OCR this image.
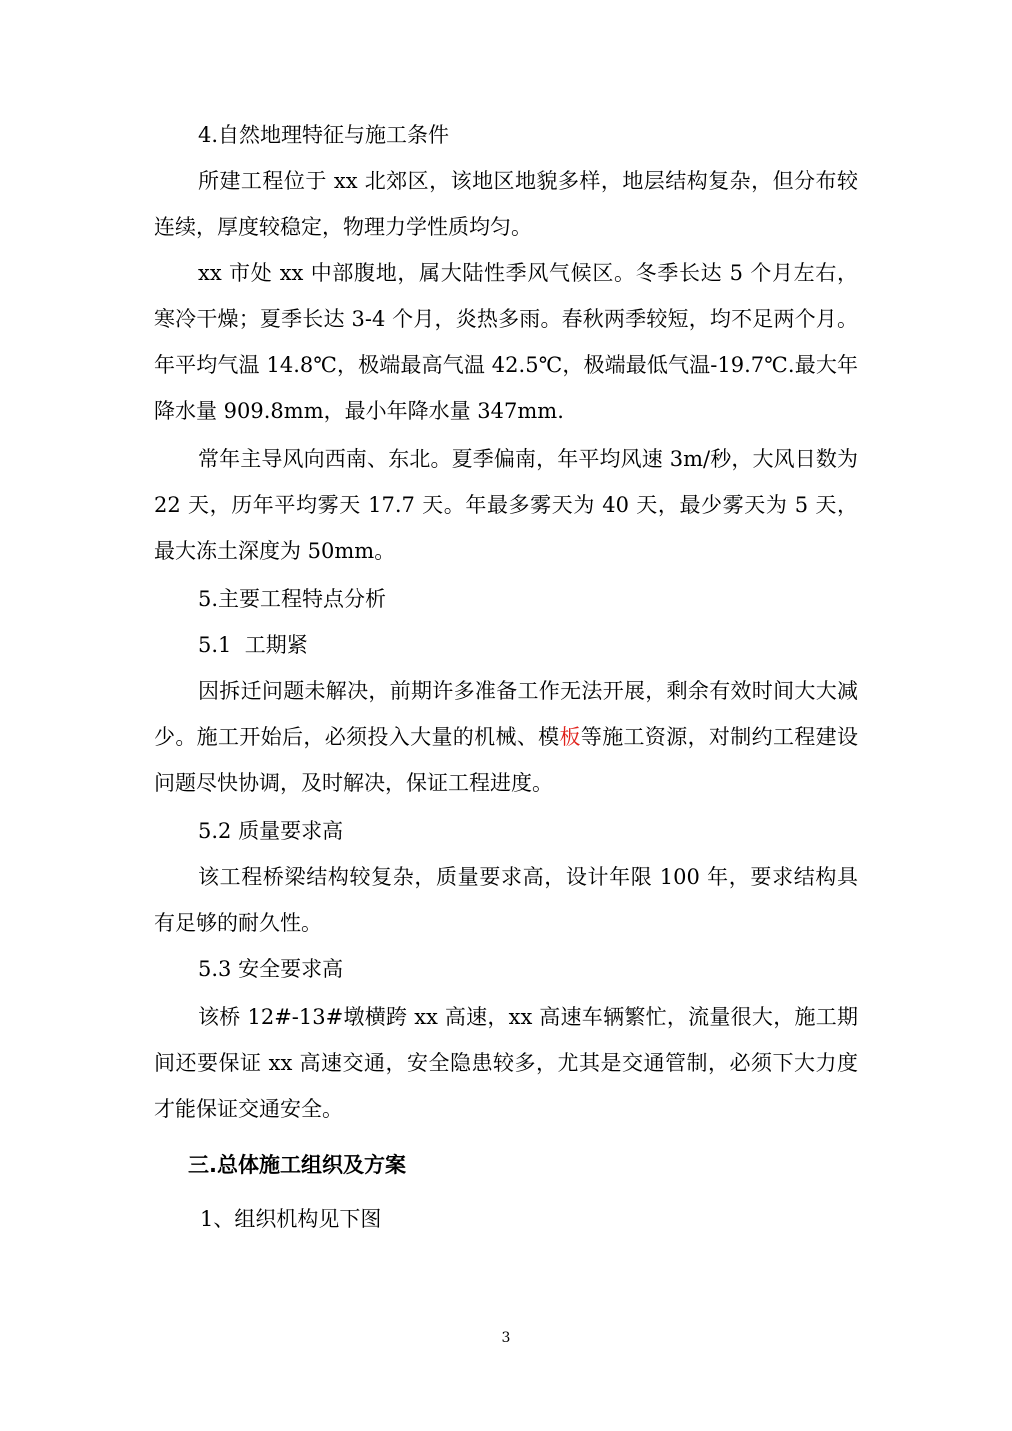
4.自然地理特征与施工条件

所建工程位于 xx 北郊区，该地区地貌多样，地层结构复杂，但分布较连续，厚度较稳定，物理力学性质均匀。

xx 市处 xx 中部腹地，属大陆性季风气候区。冬季长达 5 个月左右，寒冷干燥；夏季长达 3-4 个月，炎热多雨。春秋两季较短，均不足两个月。年平均气温 14.8℃，极端最高气温 42.5℃，极端最低气温-19.7℃.最大年降水量 909.8mm，最小年降水量 347mm.

常年主导风向西南、东北。夏季偏南，年平均风速 3m/秒，大风日数为 22 天，历年平均雾天 17.7 天。年最多雾天为 40 天，最少雾天为 5 天，最大冻土深度为 50mm。

5.主要工程特点分析

5.1  工期紧

因拆迁问题未解决，前期许多准备工作无法开展，剩余有效时间大大减少。施工开始后，必须投入大量的机械、模板等施工资源，对制约工程建设问题尽快协调，及时解决，保证工程进度。

5.2 质量要求高

该工程桥梁结构较复杂，质量要求高，设计年限 100 年，要求结构具有足够的耐久性。

5.3 安全要求高

该桥 12#-13#墩横跨 xx 高速，xx 高速车辆繁忙，流量很大，施工期间还要保证 xx 高速交通，安全隐患较多，尤其是交通管制，必须下大力度才能保证交通安全。

三.总体施工组织及方案

1、组织机构见下图

3
